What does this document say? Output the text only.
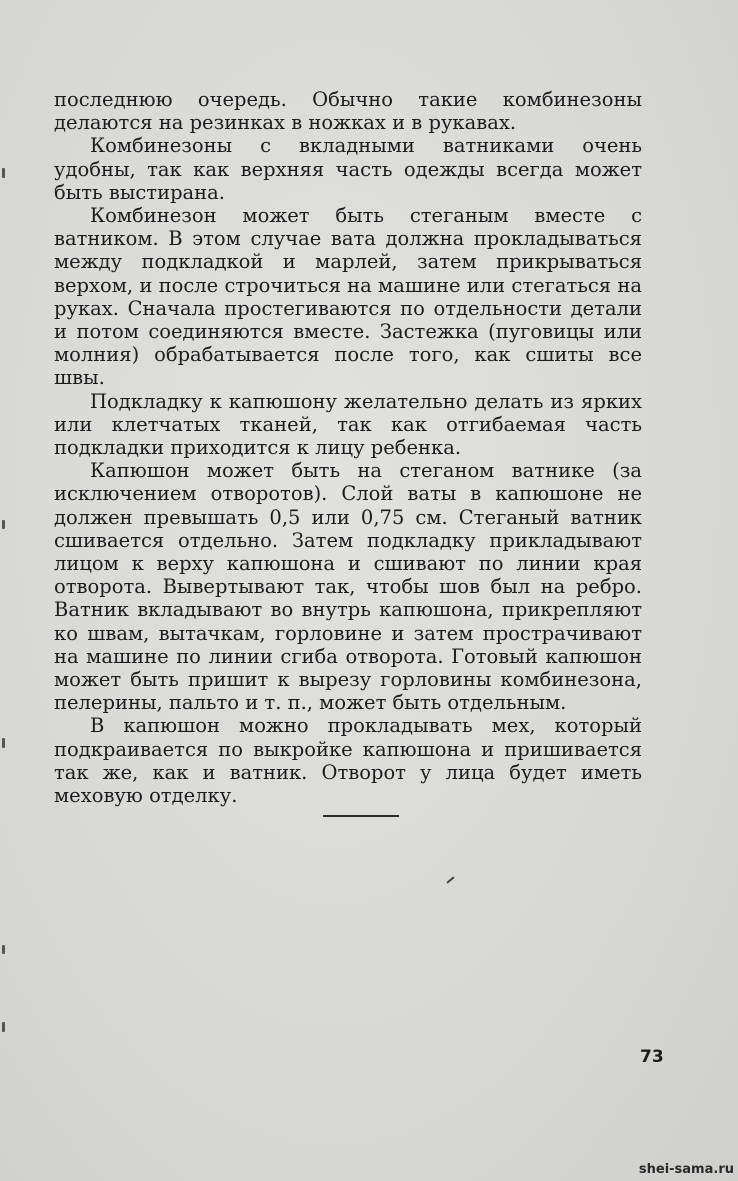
последнюю очередь. Обычно такие комбинезоны делаются на резинках в ножках и в рукавах.

Комбинезоны с вкладными ватниками очень удобны, так как верхняя часть одежды всегда может быть выстирана.

Комбинезон может быть стеганым вместе с ватником. В этом случае вата должна прокладываться между подкладкой и марлей, затем прикрываться верхом, и после строчиться на машине или стегаться на руках. Сначала простегиваются по отдельности детали и потом соединяются вместе. Застежка (пуговицы или молния) обрабатывается после того, как сшиты все швы.

Подкладку к капюшону желательно делать из ярких или клетчатых тканей, так как отгибаемая часть подкладки приходится к лицу ребенка.

Капюшон может быть на стеганом ватнике (за исключением отворотов). Слой ваты в капюшоне не должен превышать 0,5 или 0,75 см. Стеганый ватник сшивается отдельно. Затем подкладку прикладывают лицом к верху капюшона и сшивают по линии края отворота. Вывертывают так, чтобы шов был на ребро. Ватник вкладывают во внутрь капюшона, прикрепляют ко швам, вытачкам, горловине и затем прострачивают на машине по линии сгиба отворота. Готовый капюшон может быть пришит к вырезу горловины комбинезона, пелерины, пальто и т. п., может быть отдельным.

В капюшон можно прокладывать мех, который подкраивается по выкройке капюшона и пришивается так же, как и ватник. Отворот у лица будет иметь меховую отделку.

73
shei-sama.ru
